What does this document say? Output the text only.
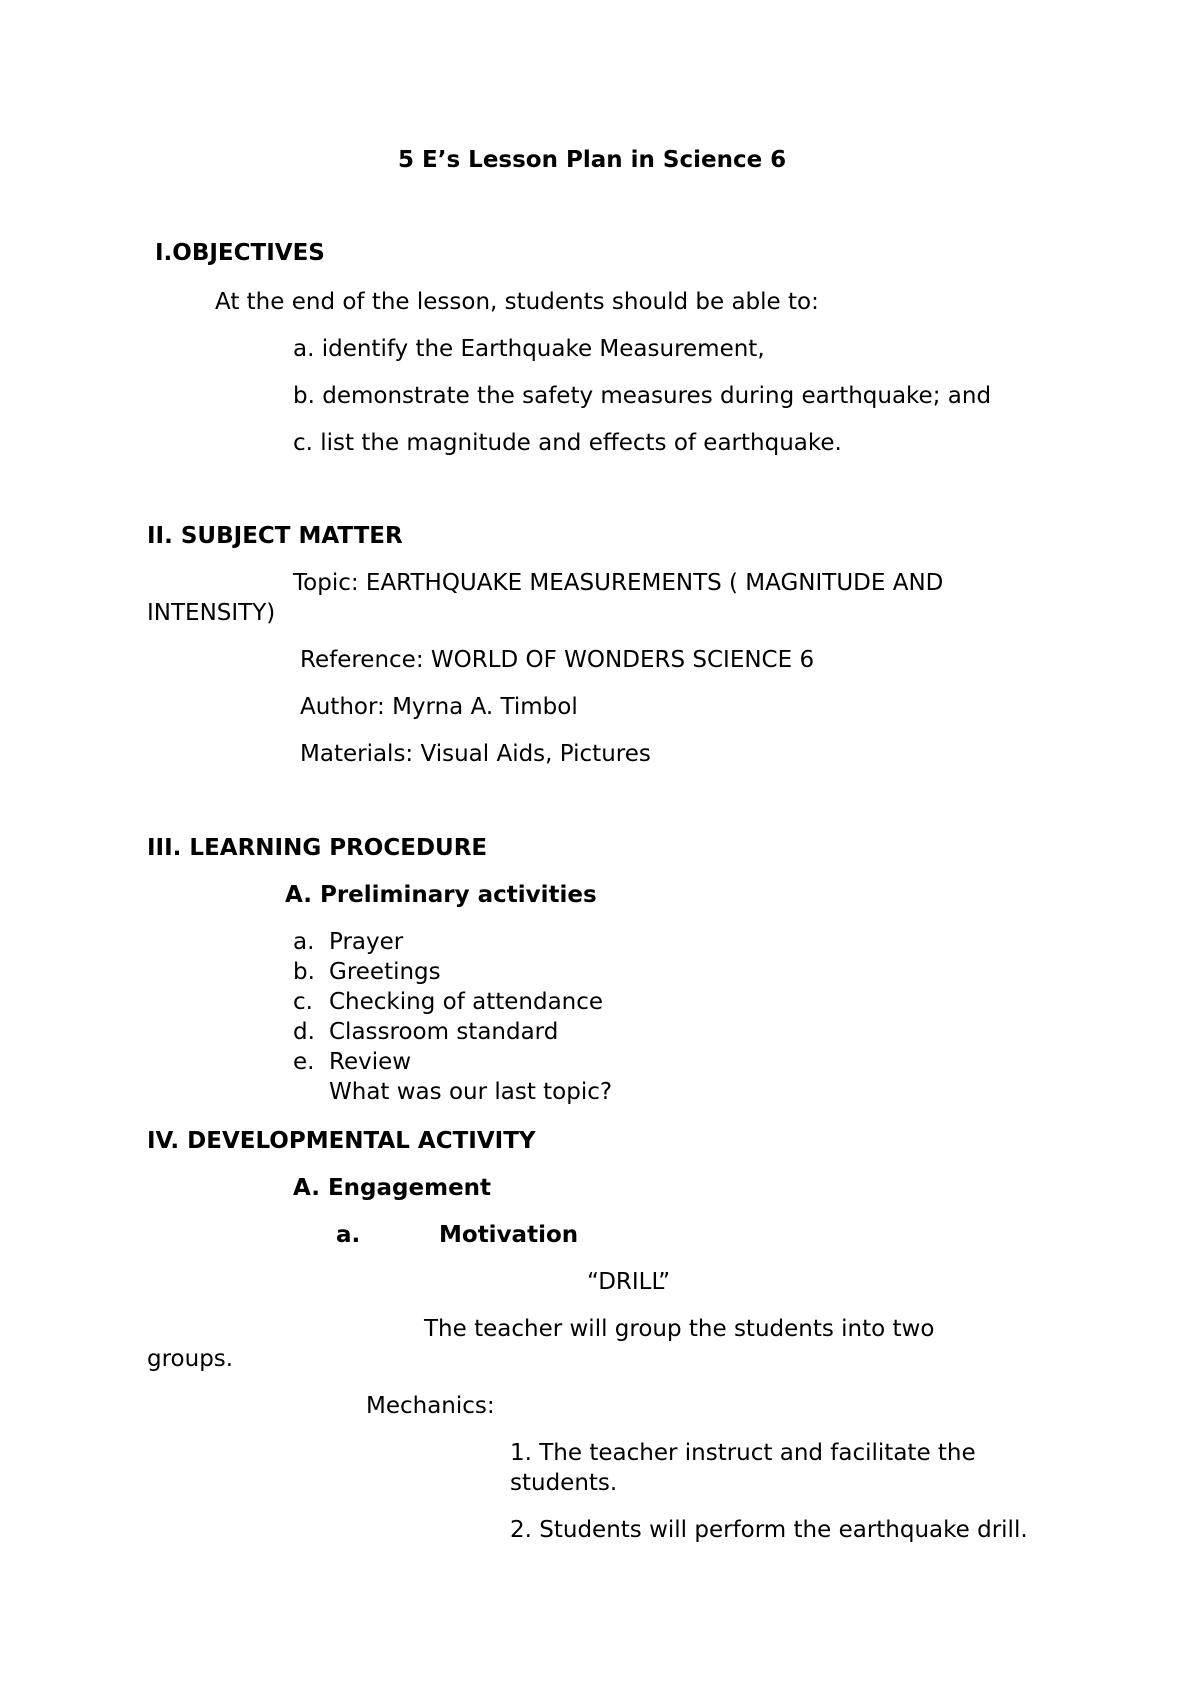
5 E’s Lesson Plan in Science 6
I.OBJECTIVES
At the end of the lesson, students should be able to:
a. identify the Earthquake Measurement,
b. demonstrate the safety measures during earthquake; and
c. list the magnitude and effects of earthquake.
II. SUBJECT MATTER
Topic: EARTHQUAKE MEASUREMENTS ( MAGNITUDE AND
INTENSITY)
Reference: WORLD OF WONDERS SCIENCE 6
Author: Myrna A. Timbol
Materials: Visual Aids, Pictures
III. LEARNING PROCEDURE
A. Preliminary activities
a. Prayer
b. Greetings
c. Checking of attendance
d. Classroom standard
e. Review
What was our last topic?
IV. DEVELOPMENTAL ACTIVITY
A. Engagement
a.	Motivation
“DRILL”
The teacher will group the students into two
groups.
Mechanics:
1. The teacher instruct and facilitate the
students.
2. Students will perform the earthquake drill.
